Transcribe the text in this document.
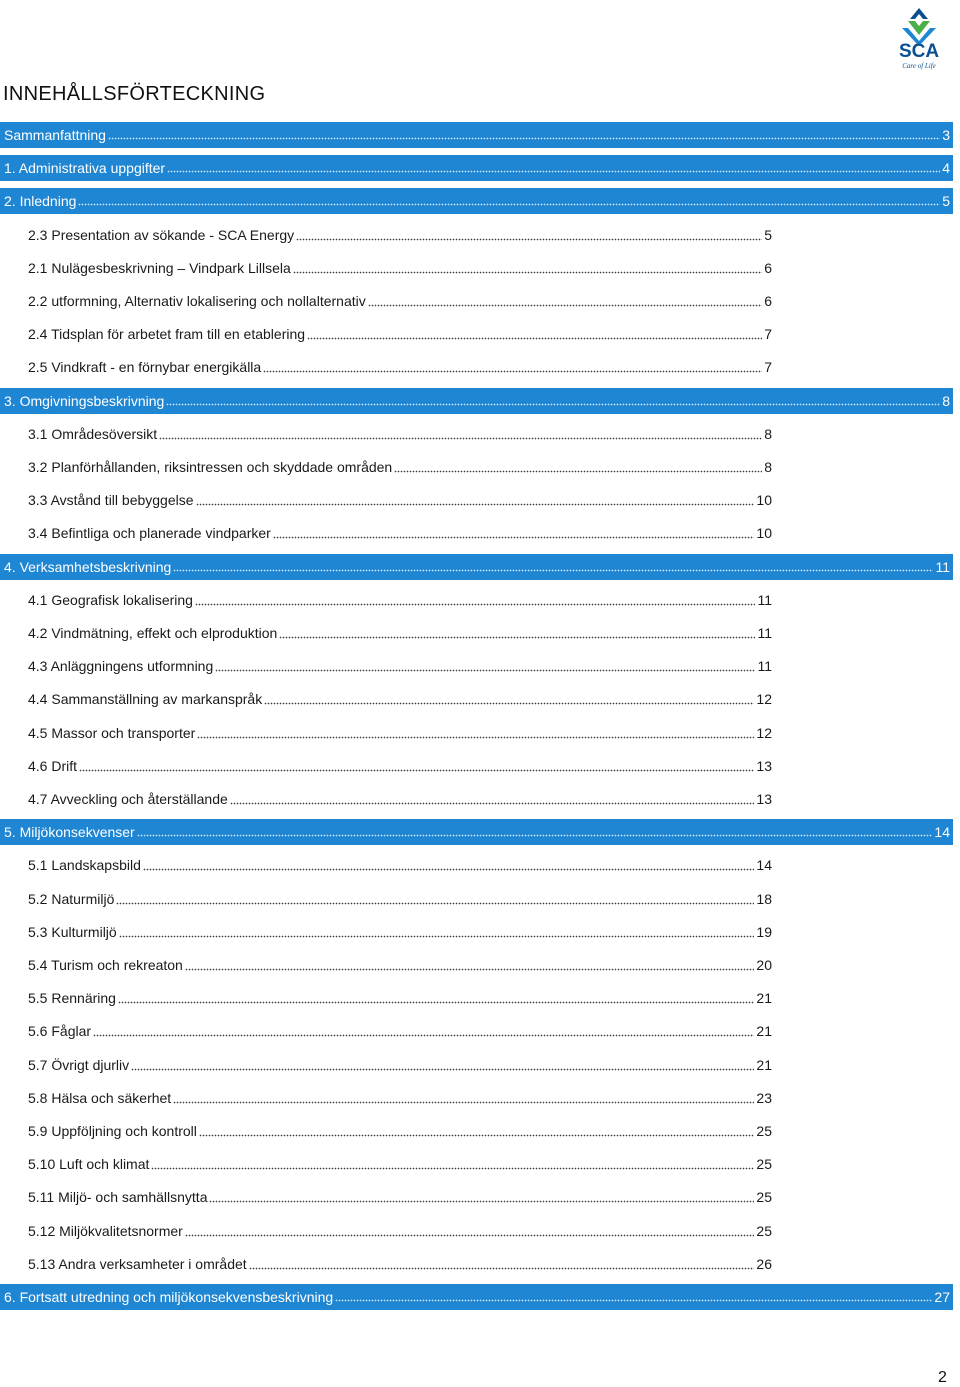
SCA
Care of Life
INNEHÅLLSFÖRTECKNING
Sammanfattning	3
1. Administrativa uppgifter	4
2. Inledning	5
2.3 Presentation av sökande - SCA Energy	5
2.1 Nulägesbeskrivning – Vindpark Lillsela	6
2.2 utformning, Alternativ lokalisering och nollalternativ	6
2.4 Tidsplan för arbetet fram till en etablering	7
2.5 Vindkraft - en förnybar energikälla	7
3. Omgivningsbeskrivning	8
3.1 Områdesöversikt	8
3.2 Planförhållanden, riksintressen och skyddade områden	8
3.3 Avstånd till bebyggelse	10
3.4 Befintliga och planerade vindparker	10
4. Verksamhetsbeskrivning	11
4.1 Geografisk lokalisering	11
4.2 Vindmätning, effekt och elproduktion	11
4.3 Anläggningens utformning	11
4.4 Sammanställning av markanspråk	12
4.5 Massor och transporter	12
4.6 Drift	13
4.7 Avveckling och återställande	13
5. Miljökonsekvenser	14
5.1 Landskapsbild	14
5.2 Naturmiljö	18
5.3 Kulturmiljö	19
5.4 Turism och rekreaton	20
5.5 Rennäring	21
5.6 Fåglar	21
5.7 Övrigt djurliv	21
5.8 Hälsa och säkerhet	23
5.9 Uppföljning och kontroll	25
5.10 Luft och klimat	25
5.11 Miljö- och samhällsnytta	25
5.12 Miljökvalitetsnormer	25
5.13 Andra verksamheter i området	26
6. Fortsatt utredning och miljökonsekvensbeskrivning	27
2
